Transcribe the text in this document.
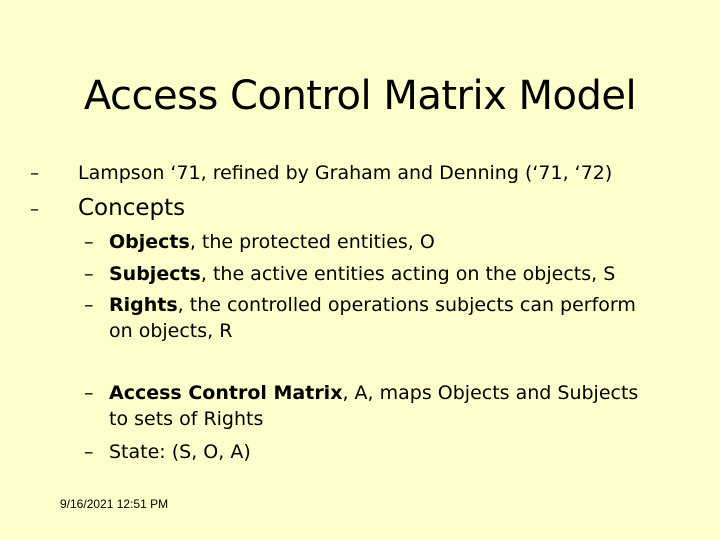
Access Control Matrix Model
– Lampson ‘71, refined by Graham and Denning (‘71, ‘72)
– Concepts
– Objects, the protected entities, O
– Subjects, the active entities acting on the objects, S
– Rights, the controlled operations subjects can perform on objects, R
– Access Control Matrix, A, maps Objects and Subjects to sets of Rights
– State: (S, O, A)
9/16/2021 12:51 PM
